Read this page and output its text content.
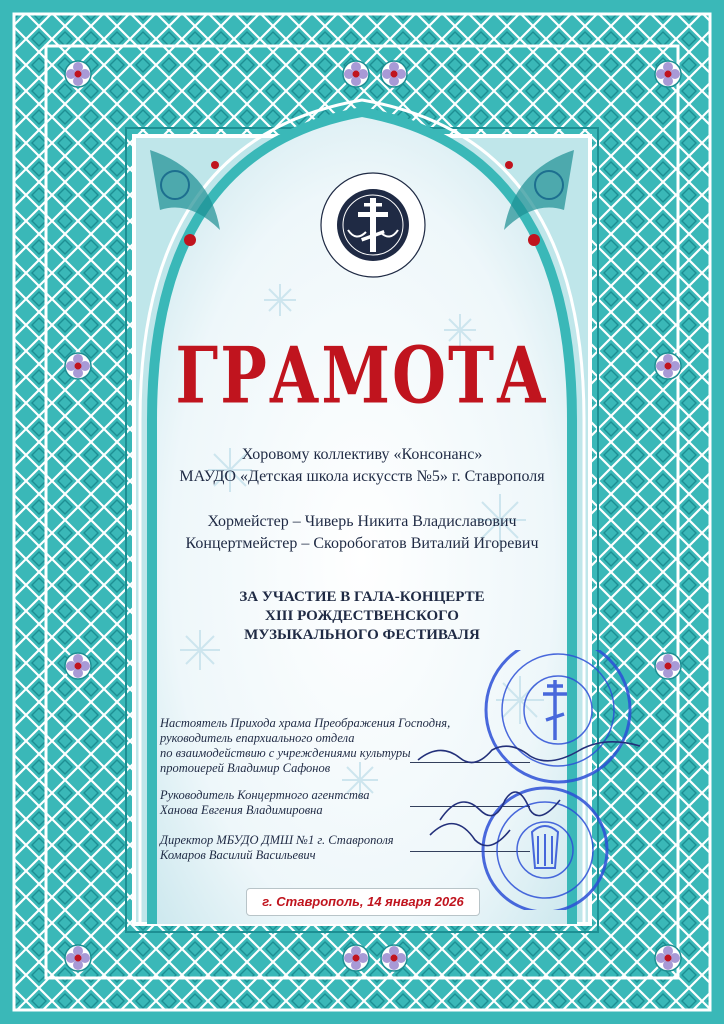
ГРАМОТА
Хоровому коллективу «Консонанс»
МАУДО «Детская школа искусств №5» г. Ставрополя
Хормейстер – Чиверь Никита Владиславович
Концертмейстер – Скоробогатов Виталий Игоревич
ЗА УЧАСТИЕ В ГАЛА-КОНЦЕРТЕ
XIII РОЖДЕСТВЕНСКОГО
МУЗЫКАЛЬНОГО ФЕСТИВАЛЯ
Настоятель Прихода храма Преображения Господня,
руководитель епархиального отдела
по взаимодействию с учреждениями культуры
протоиерей Владимир Сафонов
Руководитель Концертного агентства
Ханова Евгения Владимировна
Директор МБУДО ДМШ №1 г. Ставрополя
Комаров Василий Васильевич
г. Ставрополь, 14 января 2026
